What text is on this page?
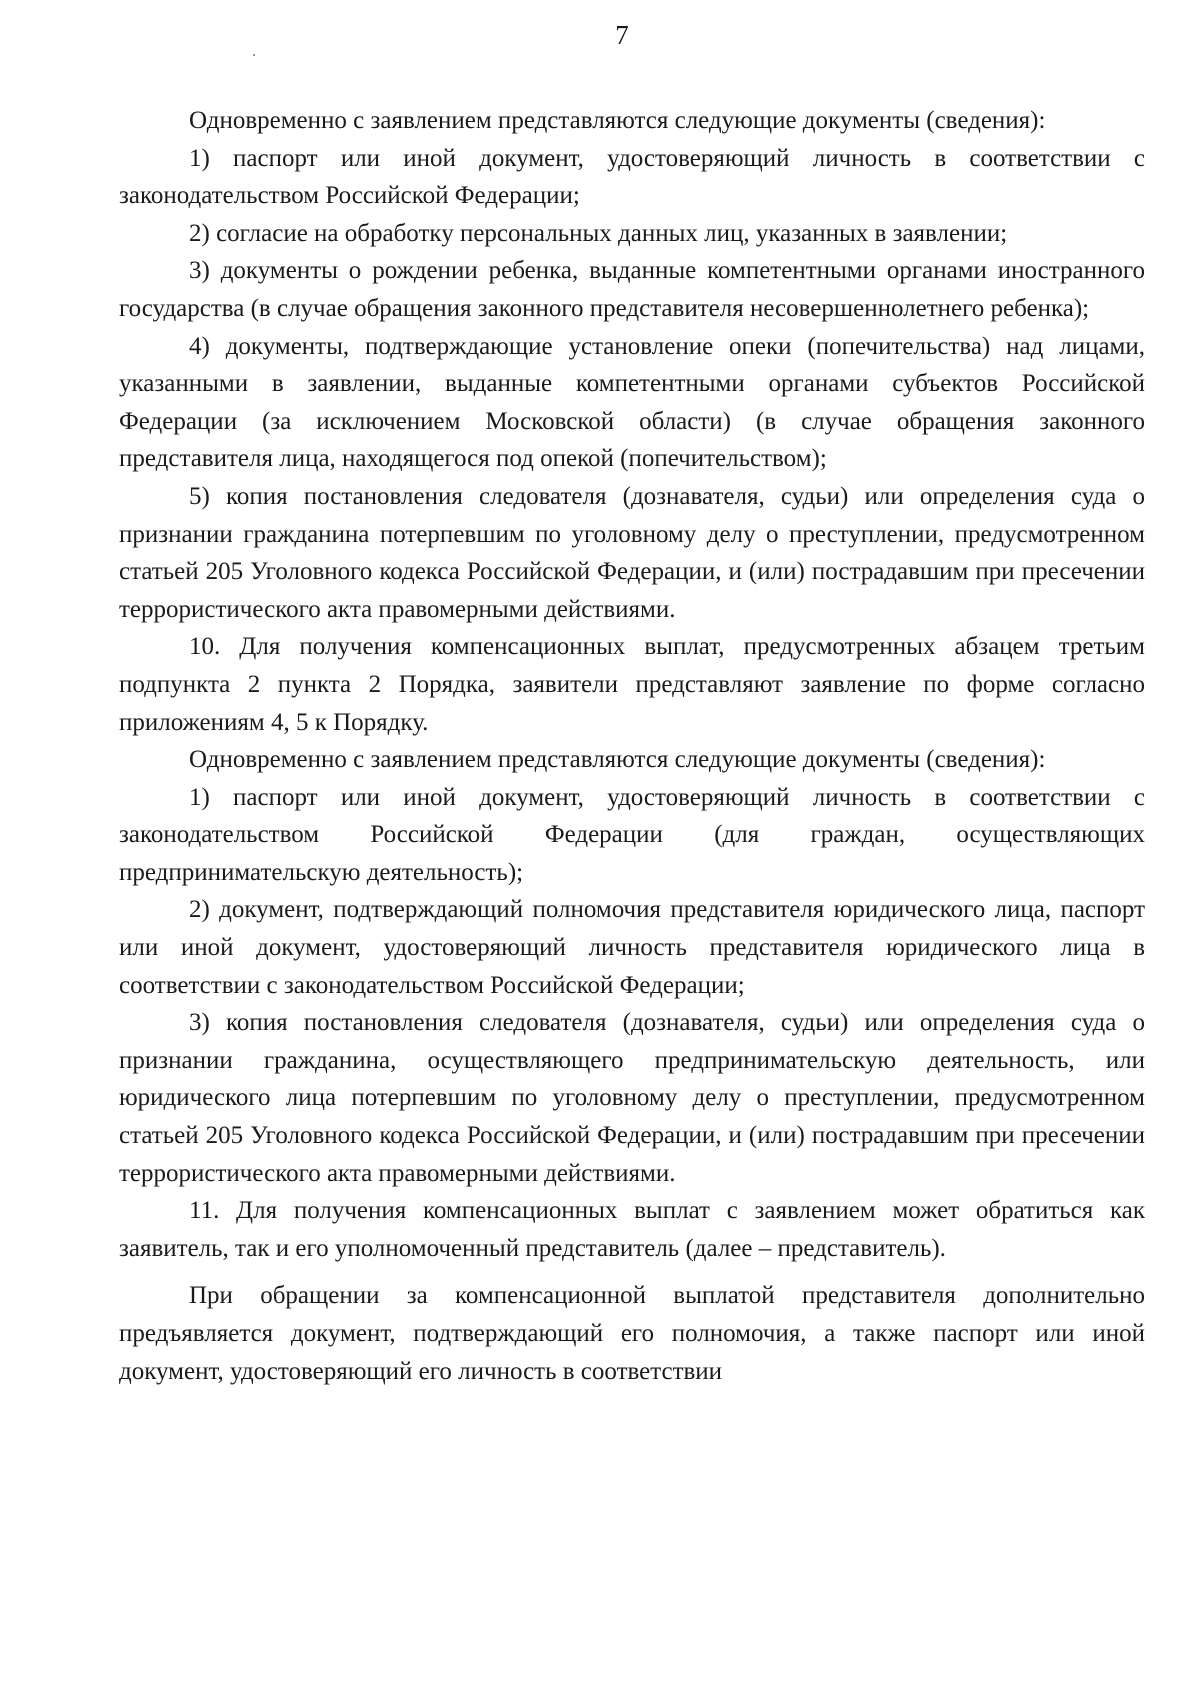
7

Одновременно с заявлением представляются следующие документы (сведения):

1) паспорт или иной документ, удостоверяющий личность в соответствии с законодательством Российской Федерации;

2) согласие на обработку персональных данных лиц, указанных в заявлении;

3) документы о рождении ребенка, выданные компетентными органами иностранного государства (в случае обращения законного представителя несовершеннолетнего ребенка);

4) документы, подтверждающие установление опеки (попечительства) над лицами, указанными в заявлении, выданные компетентными органами субъектов Российской Федерации (за исключением Московской области) (в случае обращения законного представителя лица, находящегося под опекой (попечительством);

5) копия постановления следователя (дознавателя, судьи) или определения суда о признании гражданина потерпевшим по уголовному делу о преступлении, предусмотренном статьей 205 Уголовного кодекса Российской Федерации, и (или) пострадавшим при пресечении террористического акта правомерными действиями.

10. Для получения компенсационных выплат, предусмотренных абзацем третьим подпункта 2 пункта 2 Порядка, заявители представляют заявление по форме согласно приложениям 4, 5 к Порядку.

Одновременно с заявлением представляются следующие документы (сведения):

1) паспорт или иной документ, удостоверяющий личность в соответствии с законодательством Российской Федерации (для граждан, осуществляющих предпринимательскую деятельность);

2) документ, подтверждающий полномочия представителя юридического лица, паспорт или иной документ, удостоверяющий личность представителя юридического лица в соответствии с законодательством Российской Федерации;

3) копия постановления следователя (дознавателя, судьи) или определения суда о признании гражданина, осуществляющего предпринимательскую деятельность, или юридического лица потерпевшим по уголовному делу о преступлении, предусмотренном статьей 205 Уголовного кодекса Российской Федерации, и (или) пострадавшим при пресечении террористического акта правомерными действиями.

11. Для получения компенсационных выплат с заявлением может обратиться как заявитель, так и его уполномоченный представитель (далее – представитель).

При обращении за компенсационной выплатой представителя дополнительно предъявляется документ, подтверждающий его полномочия, а также паспорт или иной документ, удостоверяющий его личность в соответствии
